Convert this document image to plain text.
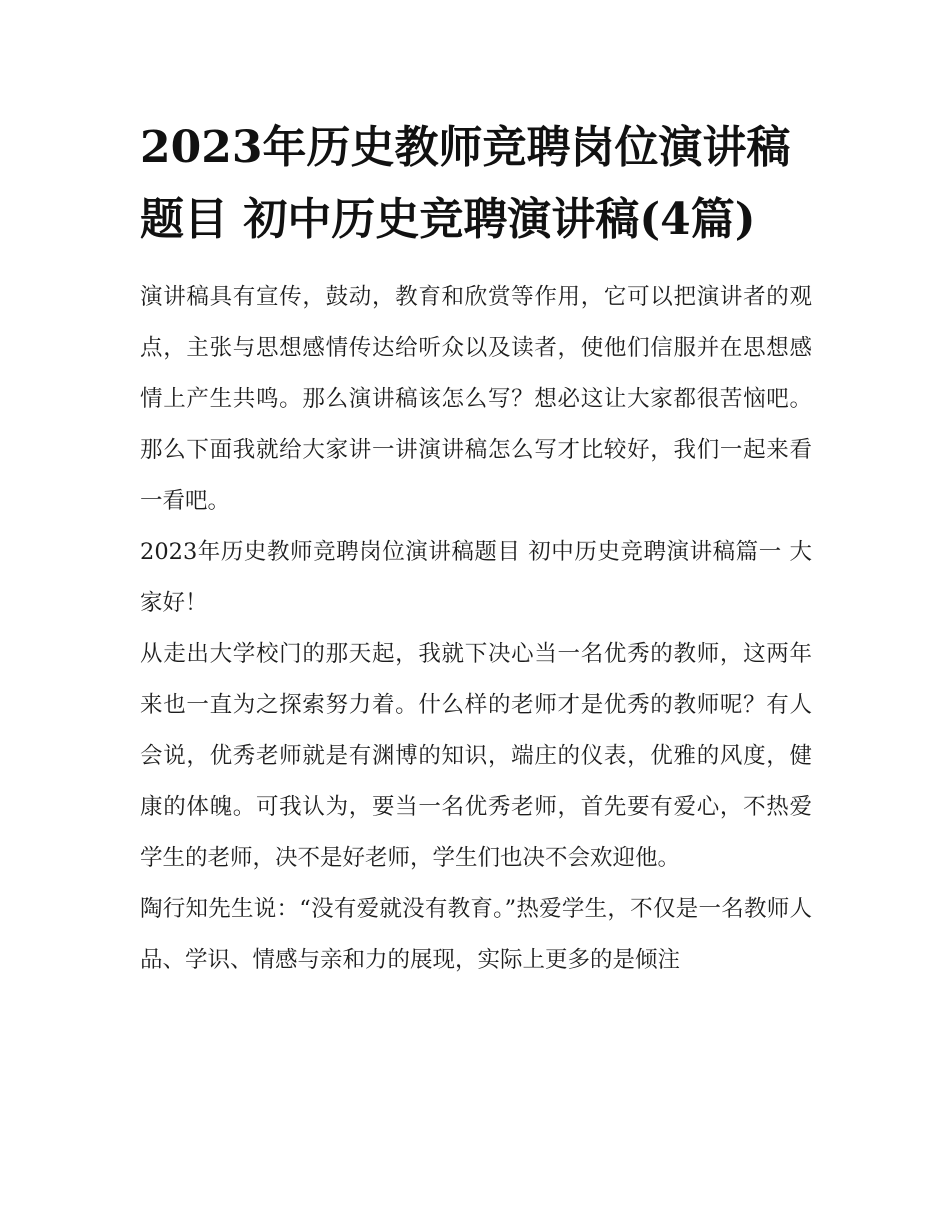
2023年历史教师竞聘岗位演讲稿题目 初中历史竞聘演讲稿(4篇)

演讲稿具有宣传，鼓动，教育和欣赏等作用，它可以把演讲者的观点，主张与思想感情传达给听众以及读者，使他们信服并在思想感情上产生共鸣。那么演讲稿该怎么写？想必这让大家都很苦恼吧。那么下面我就给大家讲一讲演讲稿怎么写才比较好，我们一起来看一看吧。

2023年历史教师竞聘岗位演讲稿题目 初中历史竞聘演讲稿篇一 大家好！

从走出大学校门的那天起，我就下决心当一名优秀的教师，这两年来也一直为之探索努力着。什么样的老师才是优秀的教师呢？有人会说，优秀老师就是有渊博的知识，端庄的仪表，优雅的风度，健康的体魄。可我认为，要当一名优秀老师，首先要有爱心，不热爱学生的老师，决不是好老师，学生们也决不会欢迎他。

陶行知先生说：“没有爱就没有教育。”热爱学生，不仅是一名教师人品、学识、情感与亲和力的展现，实际上更多的是倾注
